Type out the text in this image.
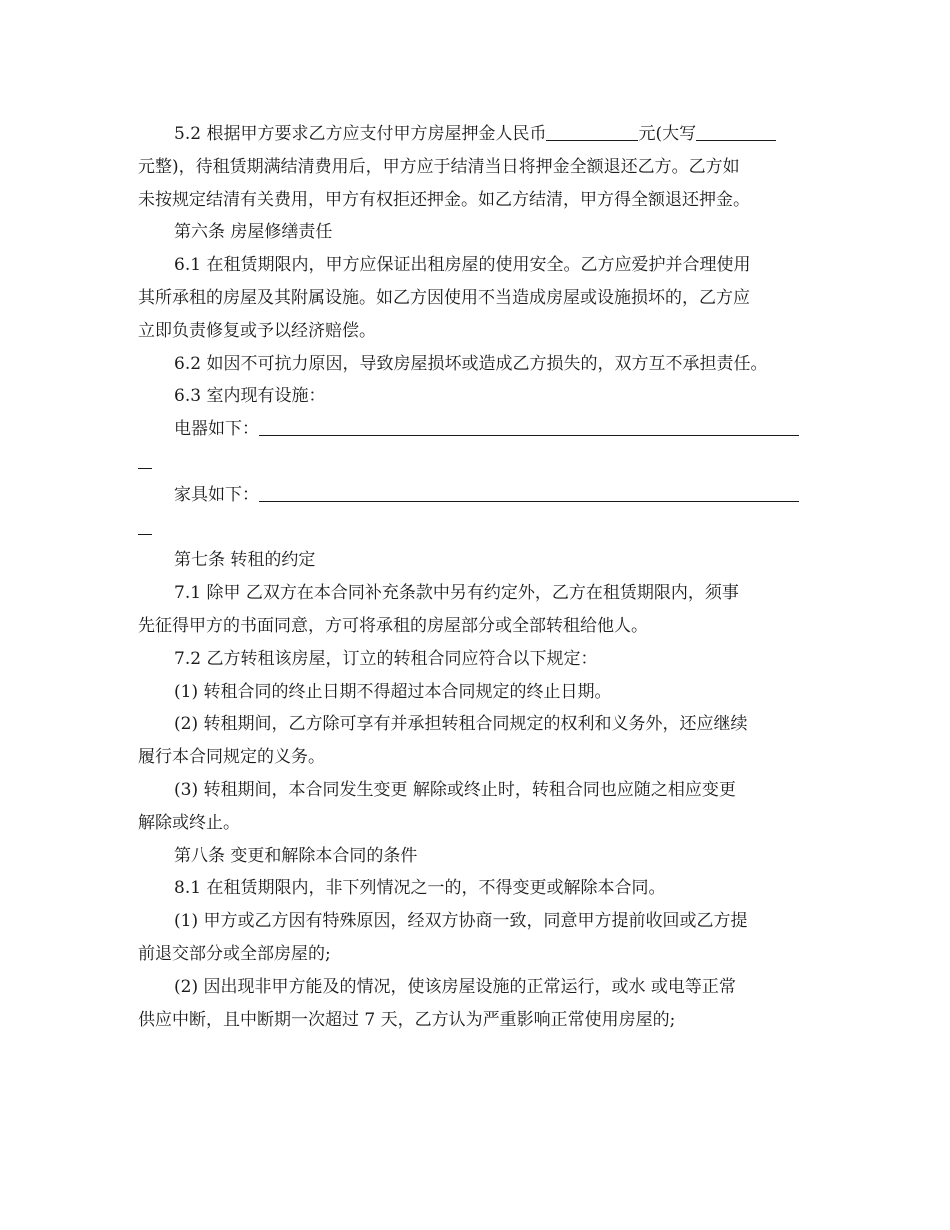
5.2 根据甲方要求乙方应支付甲方房屋押金人民币	元(大写
元整)，待租赁期满结清费用后，甲方应于结清当日将押金全额退还乙方。乙方如
未按规定结清有关费用，甲方有权拒还押金。如乙方结清，甲方得全额退还押金。
第六条 房屋修缮责任
6.1 在租赁期限内，甲方应保证出租房屋的使用安全。乙方应爱护并合理使用
其所承租的房屋及其附属设施。如乙方因使用不当造成房屋或设施损坏的，乙方应
立即负责修复或予以经济赔偿。
6.2 如因不可抗力原因，导致房屋损坏或造成乙方损失的，双方互不承担责任。
6.3 室内现有设施：
电器如下：
家具如下：
第七条 转租的约定
7.1 除甲 乙双方在本合同补充条款中另有约定外，乙方在租赁期限内，须事
先征得甲方的书面同意，方可将承租的房屋部分或全部转租给他人。
7.2 乙方转租该房屋，订立的转租合同应符合以下规定：
(1) 转租合同的终止日期不得超过本合同规定的终止日期。
(2) 转租期间，乙方除可享有并承担转租合同规定的权利和义务外，还应继续
履行本合同规定的义务。
(3) 转租期间，本合同发生变更 解除或终止时，转租合同也应随之相应变更
解除或终止。
第八条 变更和解除本合同的条件
8.1 在租赁期限内，非下列情况之一的，不得变更或解除本合同。
(1) 甲方或乙方因有特殊原因，经双方协商一致，同意甲方提前收回或乙方提
前退交部分或全部房屋的;
(2) 因出现非甲方能及的情况，使该房屋设施的正常运行，或水 或电等正常
供应中断，且中断期一次超过 7 天，乙方认为严重影响正常使用房屋的;
